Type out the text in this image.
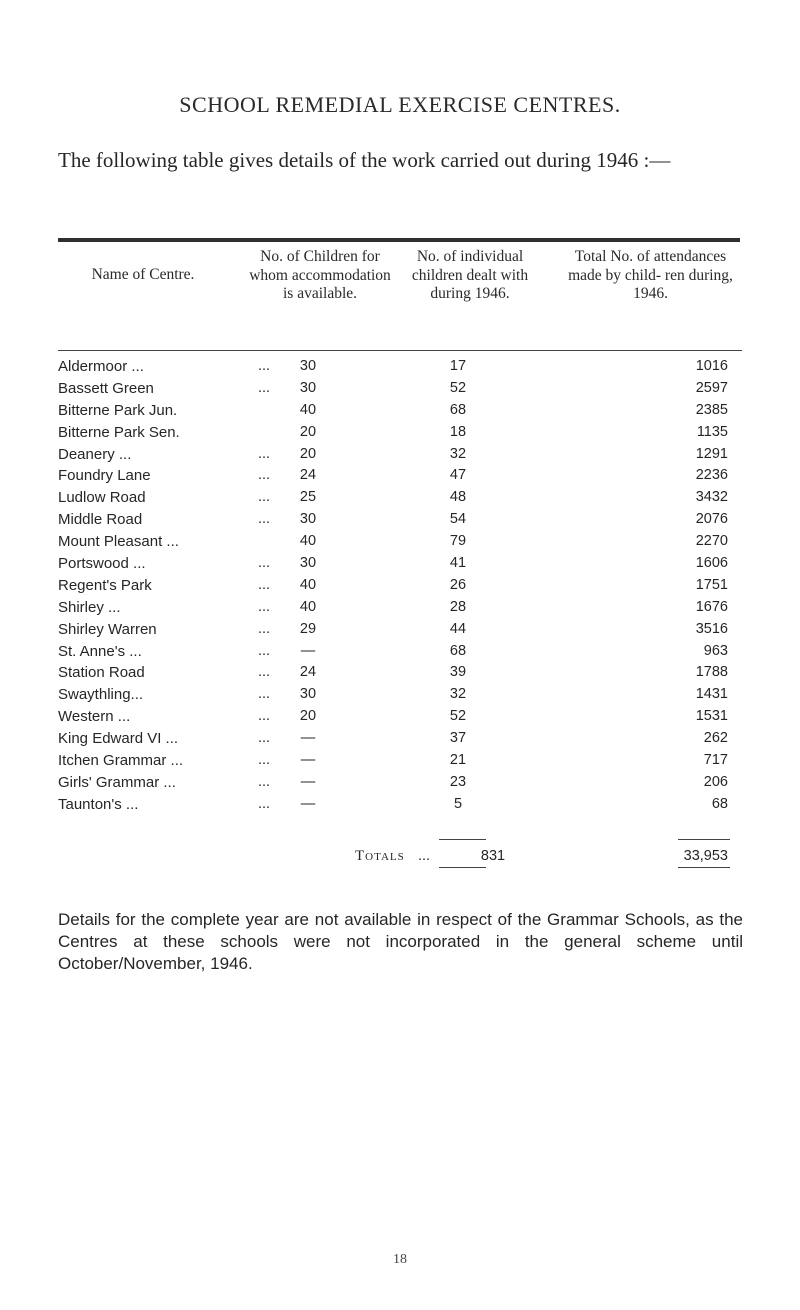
SCHOOL REMEDIAL EXERCISE CENTRES.
The following table gives details of the work carried out during 1946 :—
Name of Centre.
No. of Children for whom accommodation is available.
No. of individual children dealt with during 1946.
Total No. of attendances made by child- ren during, 1946.
Aldermoor ...	...	30	17	1016
Bassett Green	...	30	52	2597
Bitterne Park Jun.	40	68	2385
Bitterne Park Sen.	20	18	1135
Deanery ...	...	20	32	1291
Foundry Lane	...	24	47	2236
Ludlow Road	...	25	48	3432
Middle Road	...	30	54	2076
Mount Pleasant ...	40	79	2270
Portswood ...	...	30	41	1606
Regent's Park	...	40	26	1751
Shirley ...	...	40	28	1676
Shirley Warren	...	29	44	3516
St. Anne's ...	...	—	68	963
Station Road	...	24	39	1788
Swaythling...	...	30	32	1431
Western ...	...	20	52	1531
King Edward VI ...	...	—	37	262
Itchen Grammar ...	...	—	21	717
Girls' Grammar ...	...	—	23	206
Taunton's ...	...	—	5	68
Totals ...	831	33,953
Details for the complete year are not available in respect of the Grammar Schools, as the Centres at these schools were not incorporated in the general scheme until October/November, 1946.
18
